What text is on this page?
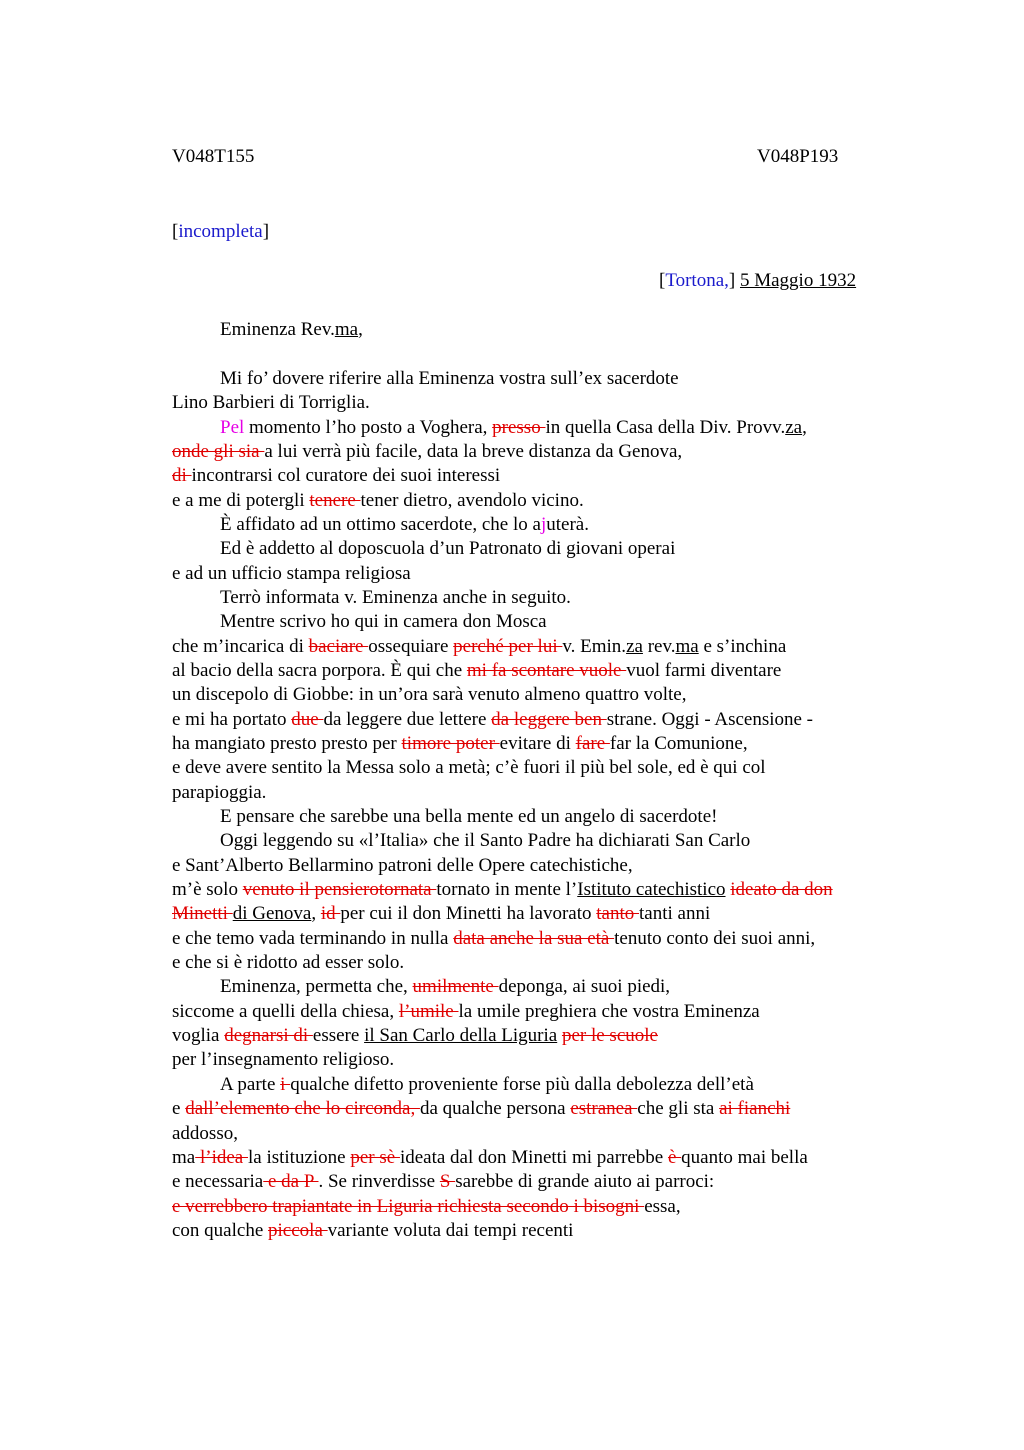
V048T155	V048P193
[incompleta]
[Tortona,] 5 Maggio 1932
Eminenza Rev.ma,
Mi fo’ dovere riferire alla Eminenza vostra sull’ex sacerdote
Lino Barbieri di Torriglia.
Pel momento l’ho posto a Voghera, presso in quella Casa della Div. Provv.za,
onde gli sia a lui verrà più facile, data la breve distanza da Genova,
di incontrarsi col curatore dei suoi interessi
e a me di potergli tenere tener dietro, avendolo vicino.
È affidato ad un ottimo sacerdote, che lo ajuterà.
Ed è addetto al doposcuola d’un Patronato di giovani operai
e ad un ufficio stampa religiosa
Terrò informata v. Eminenza anche in seguito.
Mentre scrivo ho qui in camera don Mosca
che m’incarica di baciare ossequiare perché per lui v. Emin.za rev.ma e s’inchina
al bacio della sacra porpora. È qui che mi fa scontare vuole vuol farmi diventare
un discepolo di Giobbe: in un’ora sarà venuto almeno quattro volte,
e mi ha portato due da leggere due lettere da leggere ben strane. Oggi - Ascensione -
ha mangiato presto presto per timore poter evitare di fare far la Comunione,
e deve avere sentito la Messa solo a metà; c’è fuori il più bel sole, ed è qui col
parapioggia.
E pensare che sarebbe una bella mente ed un angelo di sacerdote!
Oggi leggendo su «l’Italia» che il Santo Padre ha dichiarati San Carlo
e Sant’Alberto Bellarmino patroni delle Opere catechistiche,
m’è solo venuto il pensierotornata tornato in mente l’Istituto catechistico ideato da don
Minetti di Genova, id per cui il don Minetti ha lavorato tanto tanti anni
e che temo vada terminando in nulla data anche la sua età tenuto conto dei suoi anni,
e che si è ridotto ad esser solo.
Eminenza, permetta che, umilmente deponga, ai suoi piedi,
siccome a quelli della chiesa, l’umile la umile preghiera che vostra Eminenza
voglia degnarsi di essere il San Carlo della Liguria per le scuole
per l’insegnamento religioso.
A parte i qualche difetto proveniente forse più dalla debolezza dell’età
e dall’elemento che lo circonda, da qualche persona estranea che gli sta ai fianchi
addosso,
ma l’idea la istituzione per sè ideata dal don Minetti mi parrebbe è quanto mai bella
e necessaria e da P . Se rinverdisse S sarebbe di grande aiuto ai parroci:
e verrebbero trapiantate in Liguria richiesta secondo i bisogni essa,
con qualche piccola variante voluta dai tempi recenti
